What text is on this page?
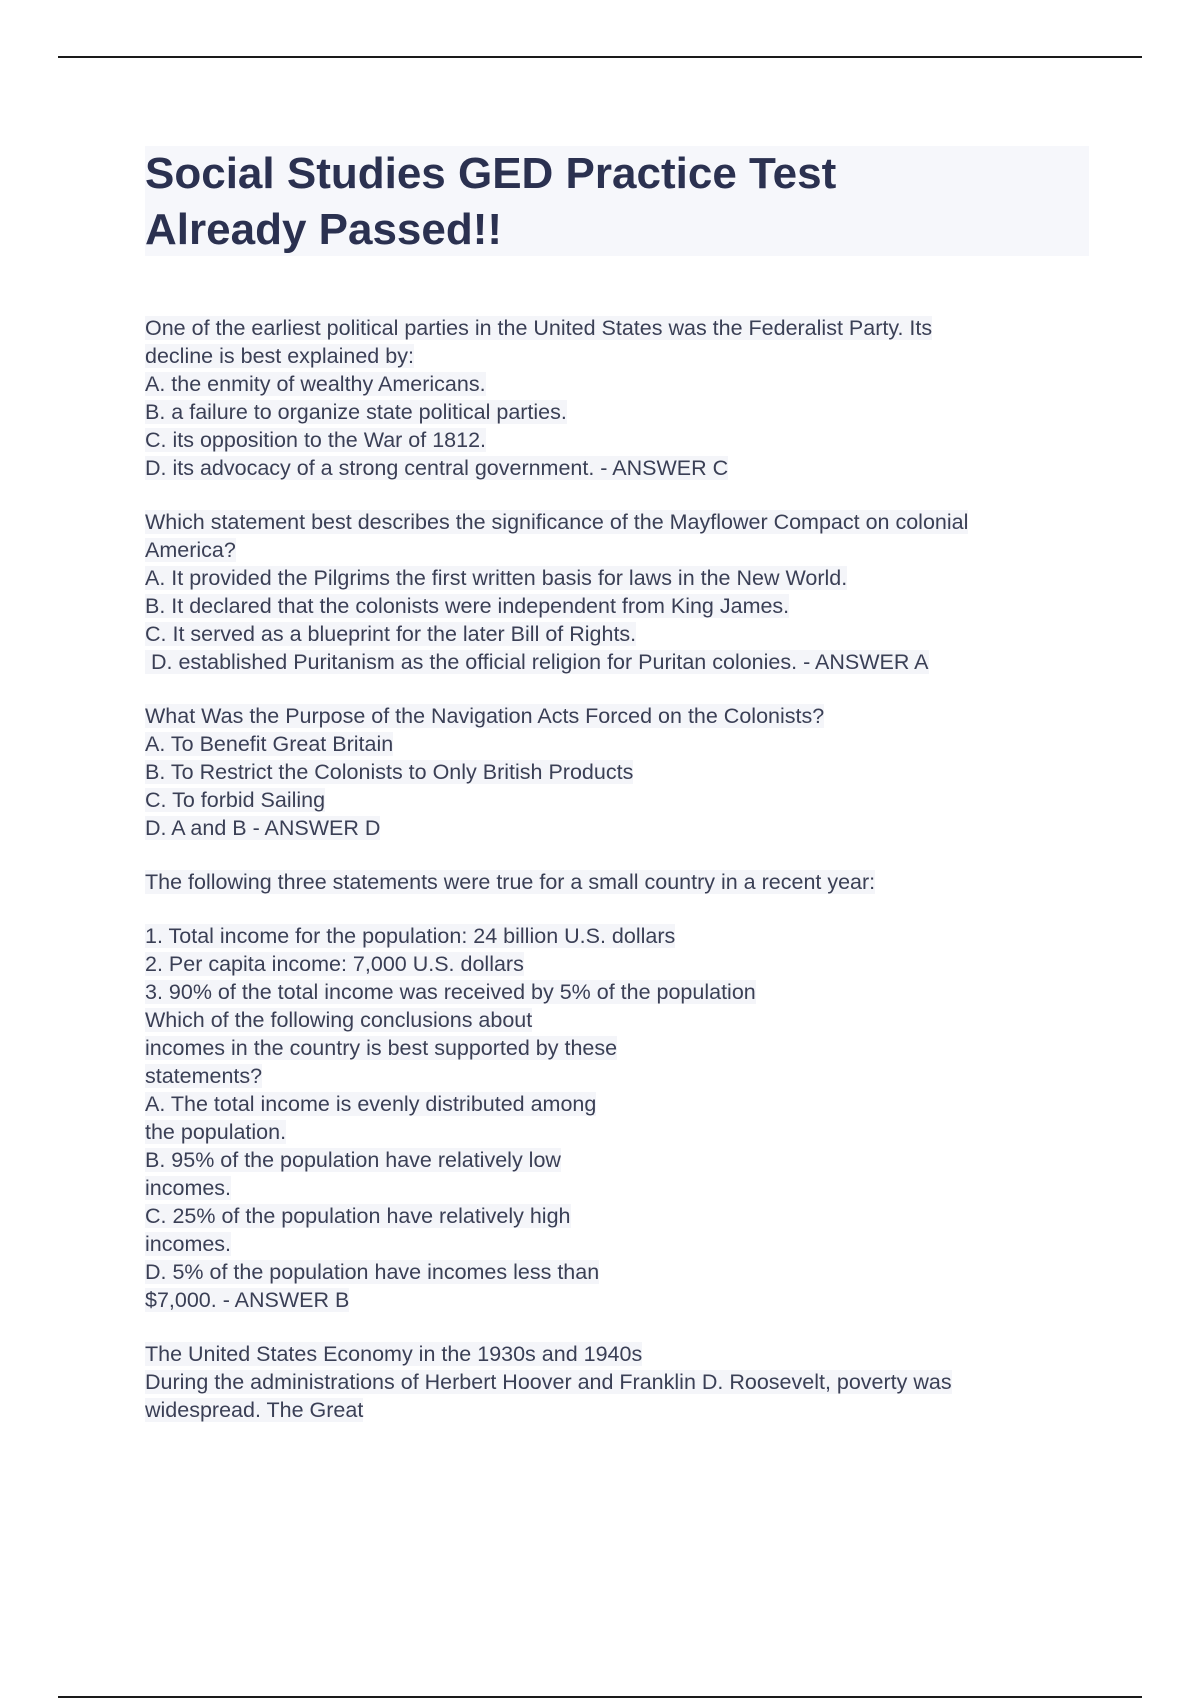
Social Studies GED Practice Test
Already Passed!!
One of the earliest political parties in the United States was the Federalist Party. Its
decline is best explained by:
A. the enmity of wealthy Americans.
B. a failure to organize state political parties.
C. its opposition to the War of 1812.
D. its advocacy of a strong central government. - ANSWER C
Which statement best describes the significance of the Mayflower Compact on colonial
America?
A. It provided the Pilgrims the first written basis for laws in the New World.
B. It declared that the colonists were independent from King James.
C. It served as a blueprint for the later Bill of Rights.
D. established Puritanism as the official religion for Puritan colonies. - ANSWER A
What Was the Purpose of the Navigation Acts Forced on the Colonists?
A. To Benefit Great Britain
B. To Restrict the Colonists to Only British Products
C. To forbid Sailing
D. A and B - ANSWER D
The following three statements were true for a small country in a recent year:
1. Total income for the population: 24 billion U.S. dollars
2. Per capita income: 7,000 U.S. dollars
3. 90% of the total income was received by 5% of the population
Which of the following conclusions about
incomes in the country is best supported by these
statements?
A. The total income is evenly distributed among
the population.
B. 95% of the population have relatively low
incomes.
C. 25% of the population have relatively high
incomes.
D. 5% of the population have incomes less than
$7,000. - ANSWER B
The United States Economy in the 1930s and 1940s
During the administrations of Herbert Hoover and Franklin D. Roosevelt, poverty was
widespread. The Great
